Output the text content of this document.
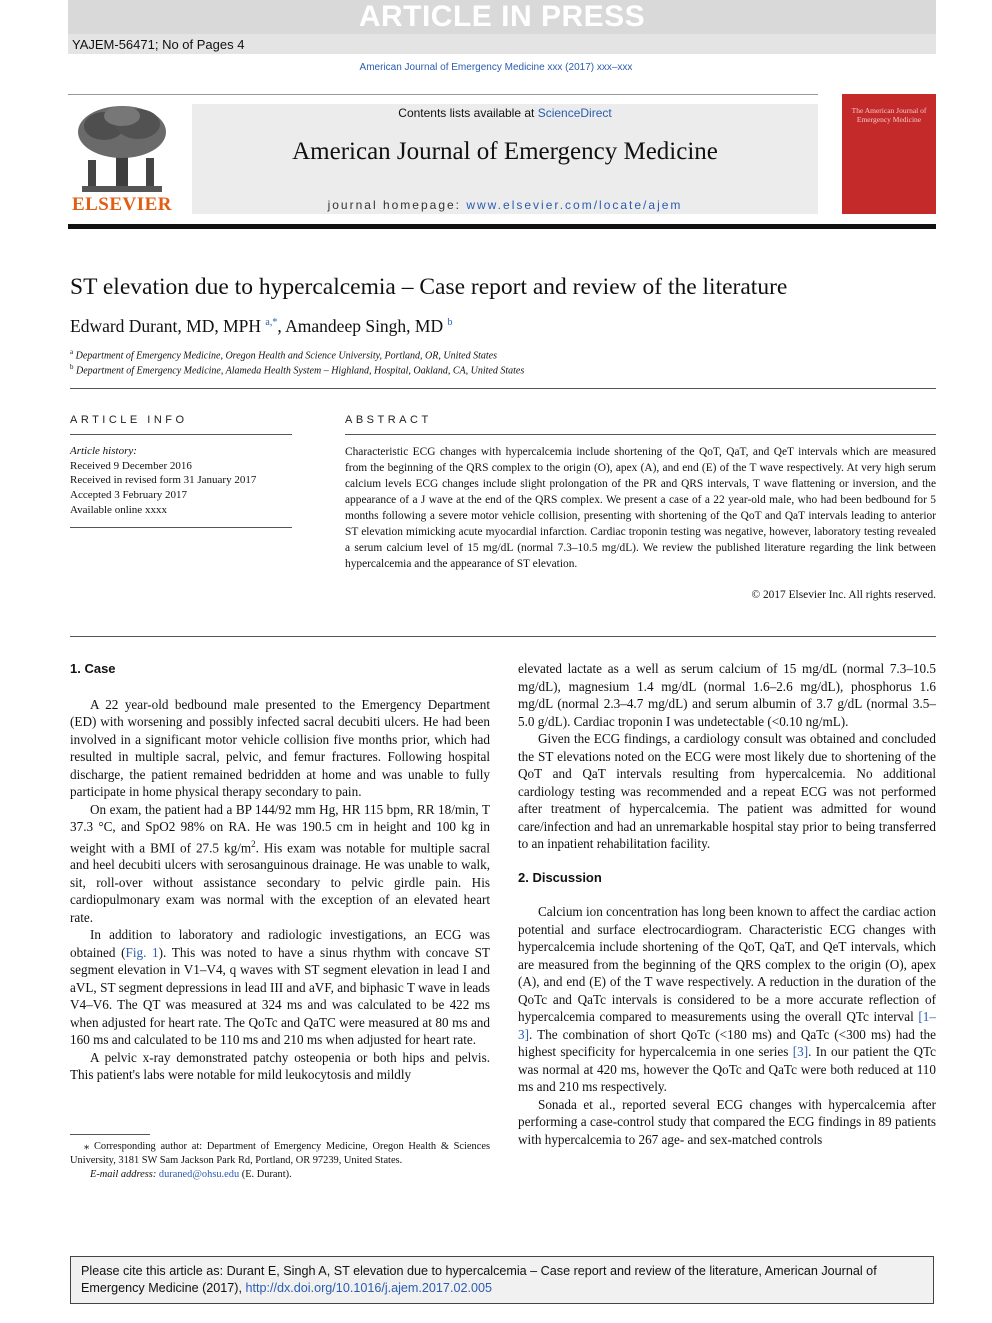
ARTICLE IN PRESS
YAJEM-56471; No of Pages 4
American Journal of Emergency Medicine xxx (2017) xxx–xxx
ELSEVIER
Contents lists available at ScienceDirect
American Journal of Emergency Medicine
journal homepage: www.elsevier.com/locate/ajem
The American Journal of Emergency Medicine
ST elevation due to hypercalcemia – Case report and review of the literature
Edward Durant, MD, MPH $^{a,*}$, Amandeep Singh, MD $^b$
$^a$ Department of Emergency Medicine, Oregon Health and Science University, Portland, OR, United States
$^b$ Department of Emergency Medicine, Alameda Health System – Highland, Hospital, Oakland, CA, United States
ARTICLE INFO
Article history:
Received 9 December 2016
Received in revised form 31 January 2017
Accepted 3 February 2017
Available online xxxx
ABSTRACT
Characteristic ECG changes with hypercalcemia include shortening of the QoT, QaT, and QeT intervals which are measured from the beginning of the QRS complex to the origin (O), apex (A), and end (E) of the T wave respectively. At very high serum calcium levels ECG changes include slight prolongation of the PR and QRS intervals, T wave flattening or inversion, and the appearance of a J wave at the end of the QRS complex. We present a case of a 22 year-old male, who had been bedbound for 5 months following a severe motor vehicle collision, presenting with shortening of the QoT and QaT intervals leading to anterior ST elevation mimicking acute myocardial infarction. Cardiac troponin testing was negative, however, laboratory testing revealed a serum calcium level of 15 mg/dL (normal 7.3–10.5 mg/dL). We review the published literature regarding the link between hypercalcemia and the appearance of ST elevation.
© 2017 Elsevier Inc. All rights reserved.
1. Case

A 22 year-old bedbound male presented to the Emergency Department (ED) with worsening and possibly infected sacral decubiti ulcers. He had been involved in a significant motor vehicle collision five months prior, which had resulted in multiple sacral, pelvic, and femur fractures. Following hospital discharge, the patient remained bedridden at home and was unable to fully participate in home physical therapy secondary to pain.

On exam, the patient had a BP 144/92 mm Hg, HR 115 bpm, RR 18/min, T 37.3 °C, and SpO2 98% on RA. He was 190.5 cm in height and 100 kg in weight with a BMI of 27.5 $kg/m^2$. His exam was notable for multiple sacral and heel decubiti ulcers with serosanguinous drainage. He was unable to walk, sit, roll-over without assistance secondary to pelvic girdle pain. His cardiopulmonary exam was normal with the exception of an elevated heart rate.

In addition to laboratory and radiologic investigations, an ECG was obtained (Fig. 1). This was noted to have a sinus rhythm with concave ST segment elevation in V1–V4, q waves with ST segment elevation in lead I and aVL, ST segment depressions in lead III and aVF, and biphasic T wave in leads V4–V6. The QT was measured at 324 ms and was calculated to be 422 ms when adjusted for heart rate. The QoTc and QaTC were measured at 80 ms and 160 ms and calculated to be 110 ms and 210 ms when adjusted for heart rate.

A pelvic x-ray demonstrated patchy osteopenia or both hips and pelvis. This patient's labs were notable for mild leukocytosis and mildly

⁎ Corresponding author at: Department of Emergency Medicine, Oregon Health & Sciences University, 3181 SW Sam Jackson Park Rd, Portland, OR 97239, United States.
E-mail address: duraned@ohsu.edu (E. Durant).

elevated lactate as a well as serum calcium of 15 mg/dL (normal 7.3–10.5 mg/dL), magnesium 1.4 mg/dL (normal 1.6–2.6 mg/dL), phosphorus 1.6 mg/dL (normal 2.3–4.7 mg/dL) and serum albumin of 3.7 g/dL (normal 3.5–5.0 g/dL). Cardiac troponin I was undetectable (<0.10 ng/mL).

Given the ECG findings, a cardiology consult was obtained and concluded the ST elevations noted on the ECG were most likely due to shortening of the QoT and QaT intervals resulting from hypercalcemia. No additional cardiology testing was recommended and a repeat ECG was not performed after treatment of hypercalcemia. The patient was admitted for wound care/infection and had an unremarkable hospital stay prior to being transferred to an inpatient rehabilitation facility.

2. Discussion

Calcium ion concentration has long been known to affect the cardiac action potential and surface electrocardiogram. Characteristic ECG changes with hypercalcemia include shortening of the QoT, QaT, and QeT intervals, which are measured from the beginning of the QRS complex to the origin (O), apex (A), and end (E) of the T wave respectively. A reduction in the duration of the QoTc and QaTc intervals is considered to be a more accurate reflection of hypercalcemia compared to measurements using the overall QTc interval [1–3]. The combination of short QoTc (<180 ms) and QaTc (<300 ms) had the highest specificity for hypercalcemia in one series [3]. In our patient the QTc was normal at 420 ms, however the QoTc and QaTc were both reduced at 110 ms and 210 ms respectively.

Sonada et al., reported several ECG changes with hypercalcemia after performing a case-control study that compared the ECG findings in 89 patients with hypercalcemia to 267 age- and sex-matched controls

Please cite this article as: Durant E, Singh A, ST elevation due to hypercalcemia – Case report and review of the literature, American Journal of Emergency Medicine (2017), http://dx.doi.org/10.1016/j.ajem.2017.02.005
